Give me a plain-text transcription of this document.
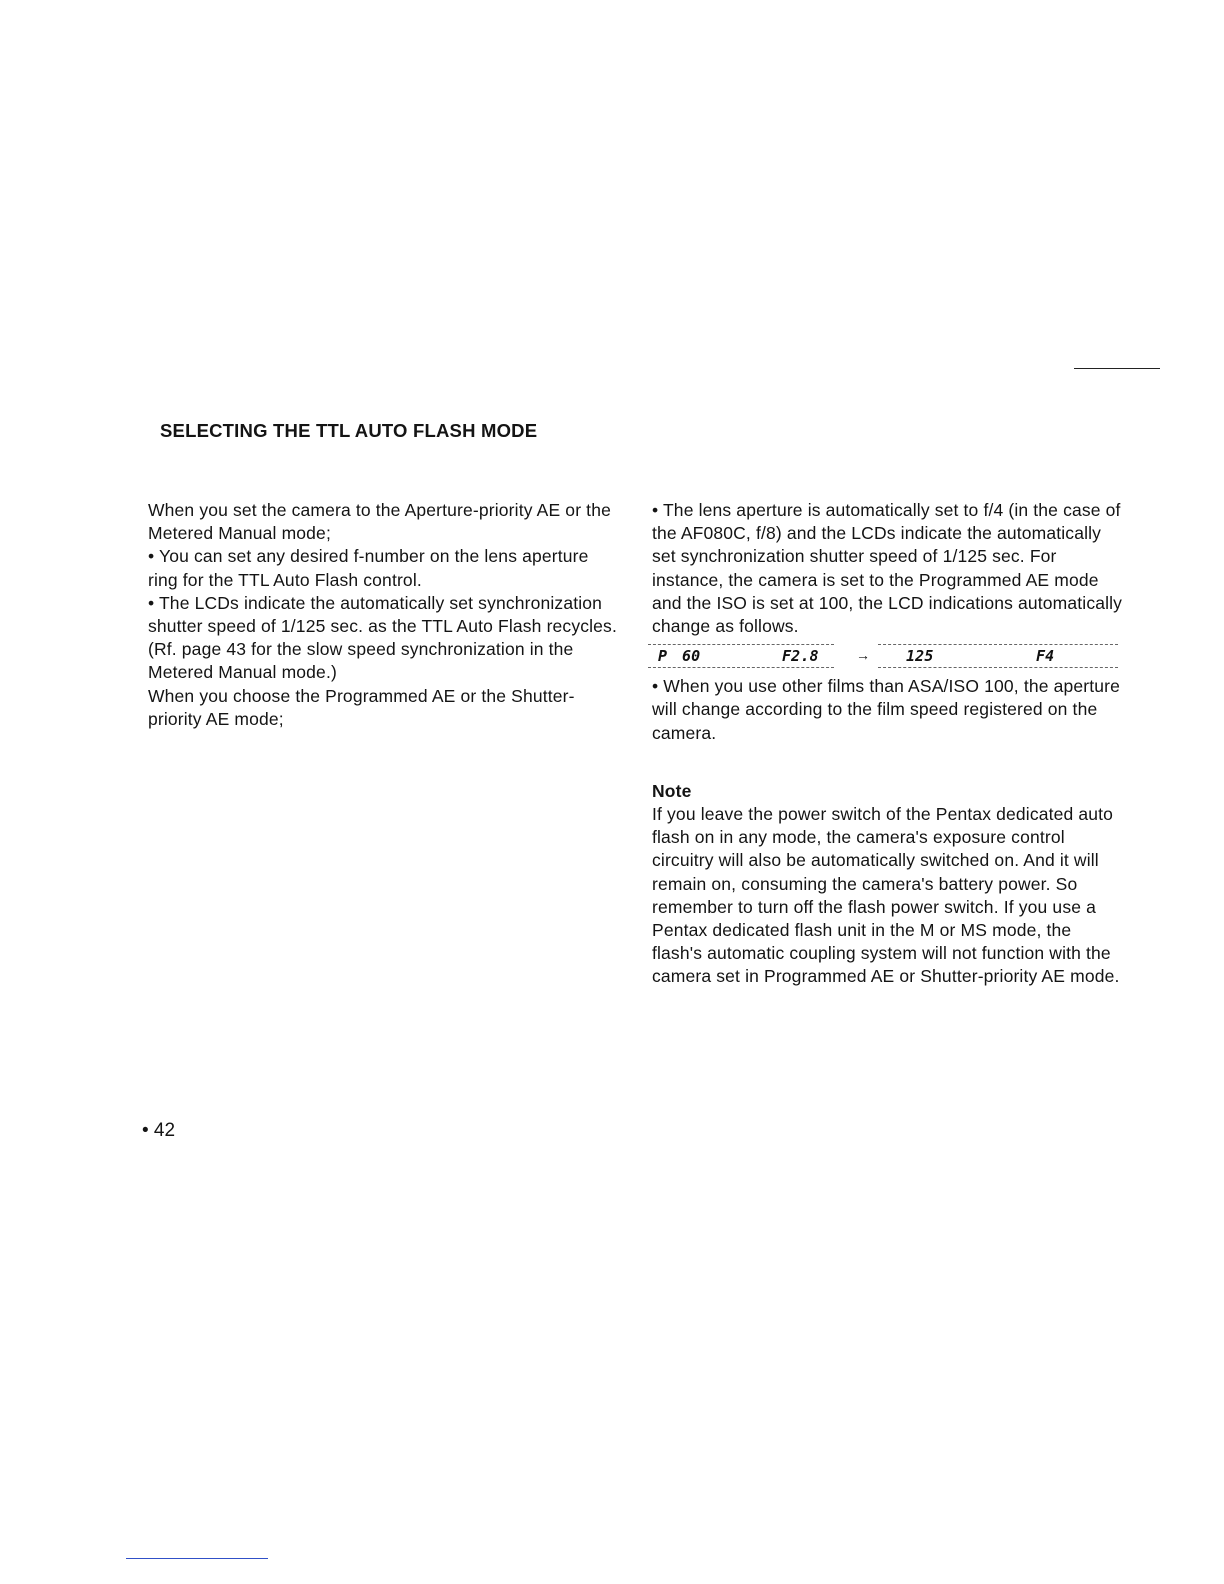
SELECTING THE TTL AUTO FLASH MODE

When you set the camera to the Aperture-priority AE or the Metered Manual mode;

• You can set any desired f-number on the lens aperture ring for the TTL Auto Flash control.

• The LCDs indicate the automatically set synchronization shutter speed of 1/125 sec. as the TTL Auto Flash recycles. (Rf. page 43 for the slow speed synchronization in the Metered Manual mode.)

When you choose the Programmed AE or the Shutter-priority AE mode;

• The lens aperture is automatically set to f/4 (in the case of the AF080C, f/8) and the LCDs indicate the automatically set synchronization shutter speed of 1/125 sec. For instance, the camera is set to the Programmed AE mode and the ISO is set at 100, the LCD indications automatically change as follows.

P 60	F2.8	→ 125	F4

• When you use other films than ASA/ISO 100, the aperture will change according to the film speed registered on the camera.

Note

If you leave the power switch of the Pentax dedicated auto flash on in any mode, the camera's exposure control circuitry will also be automatically switched on. And it will remain on, consuming the camera's battery power. So remember to turn off the flash power switch. If you use a Pentax dedicated flash unit in the M or MS mode, the flash's automatic coupling system will not function with the camera set in Programmed AE or Shutter-priority AE mode.

• 42
